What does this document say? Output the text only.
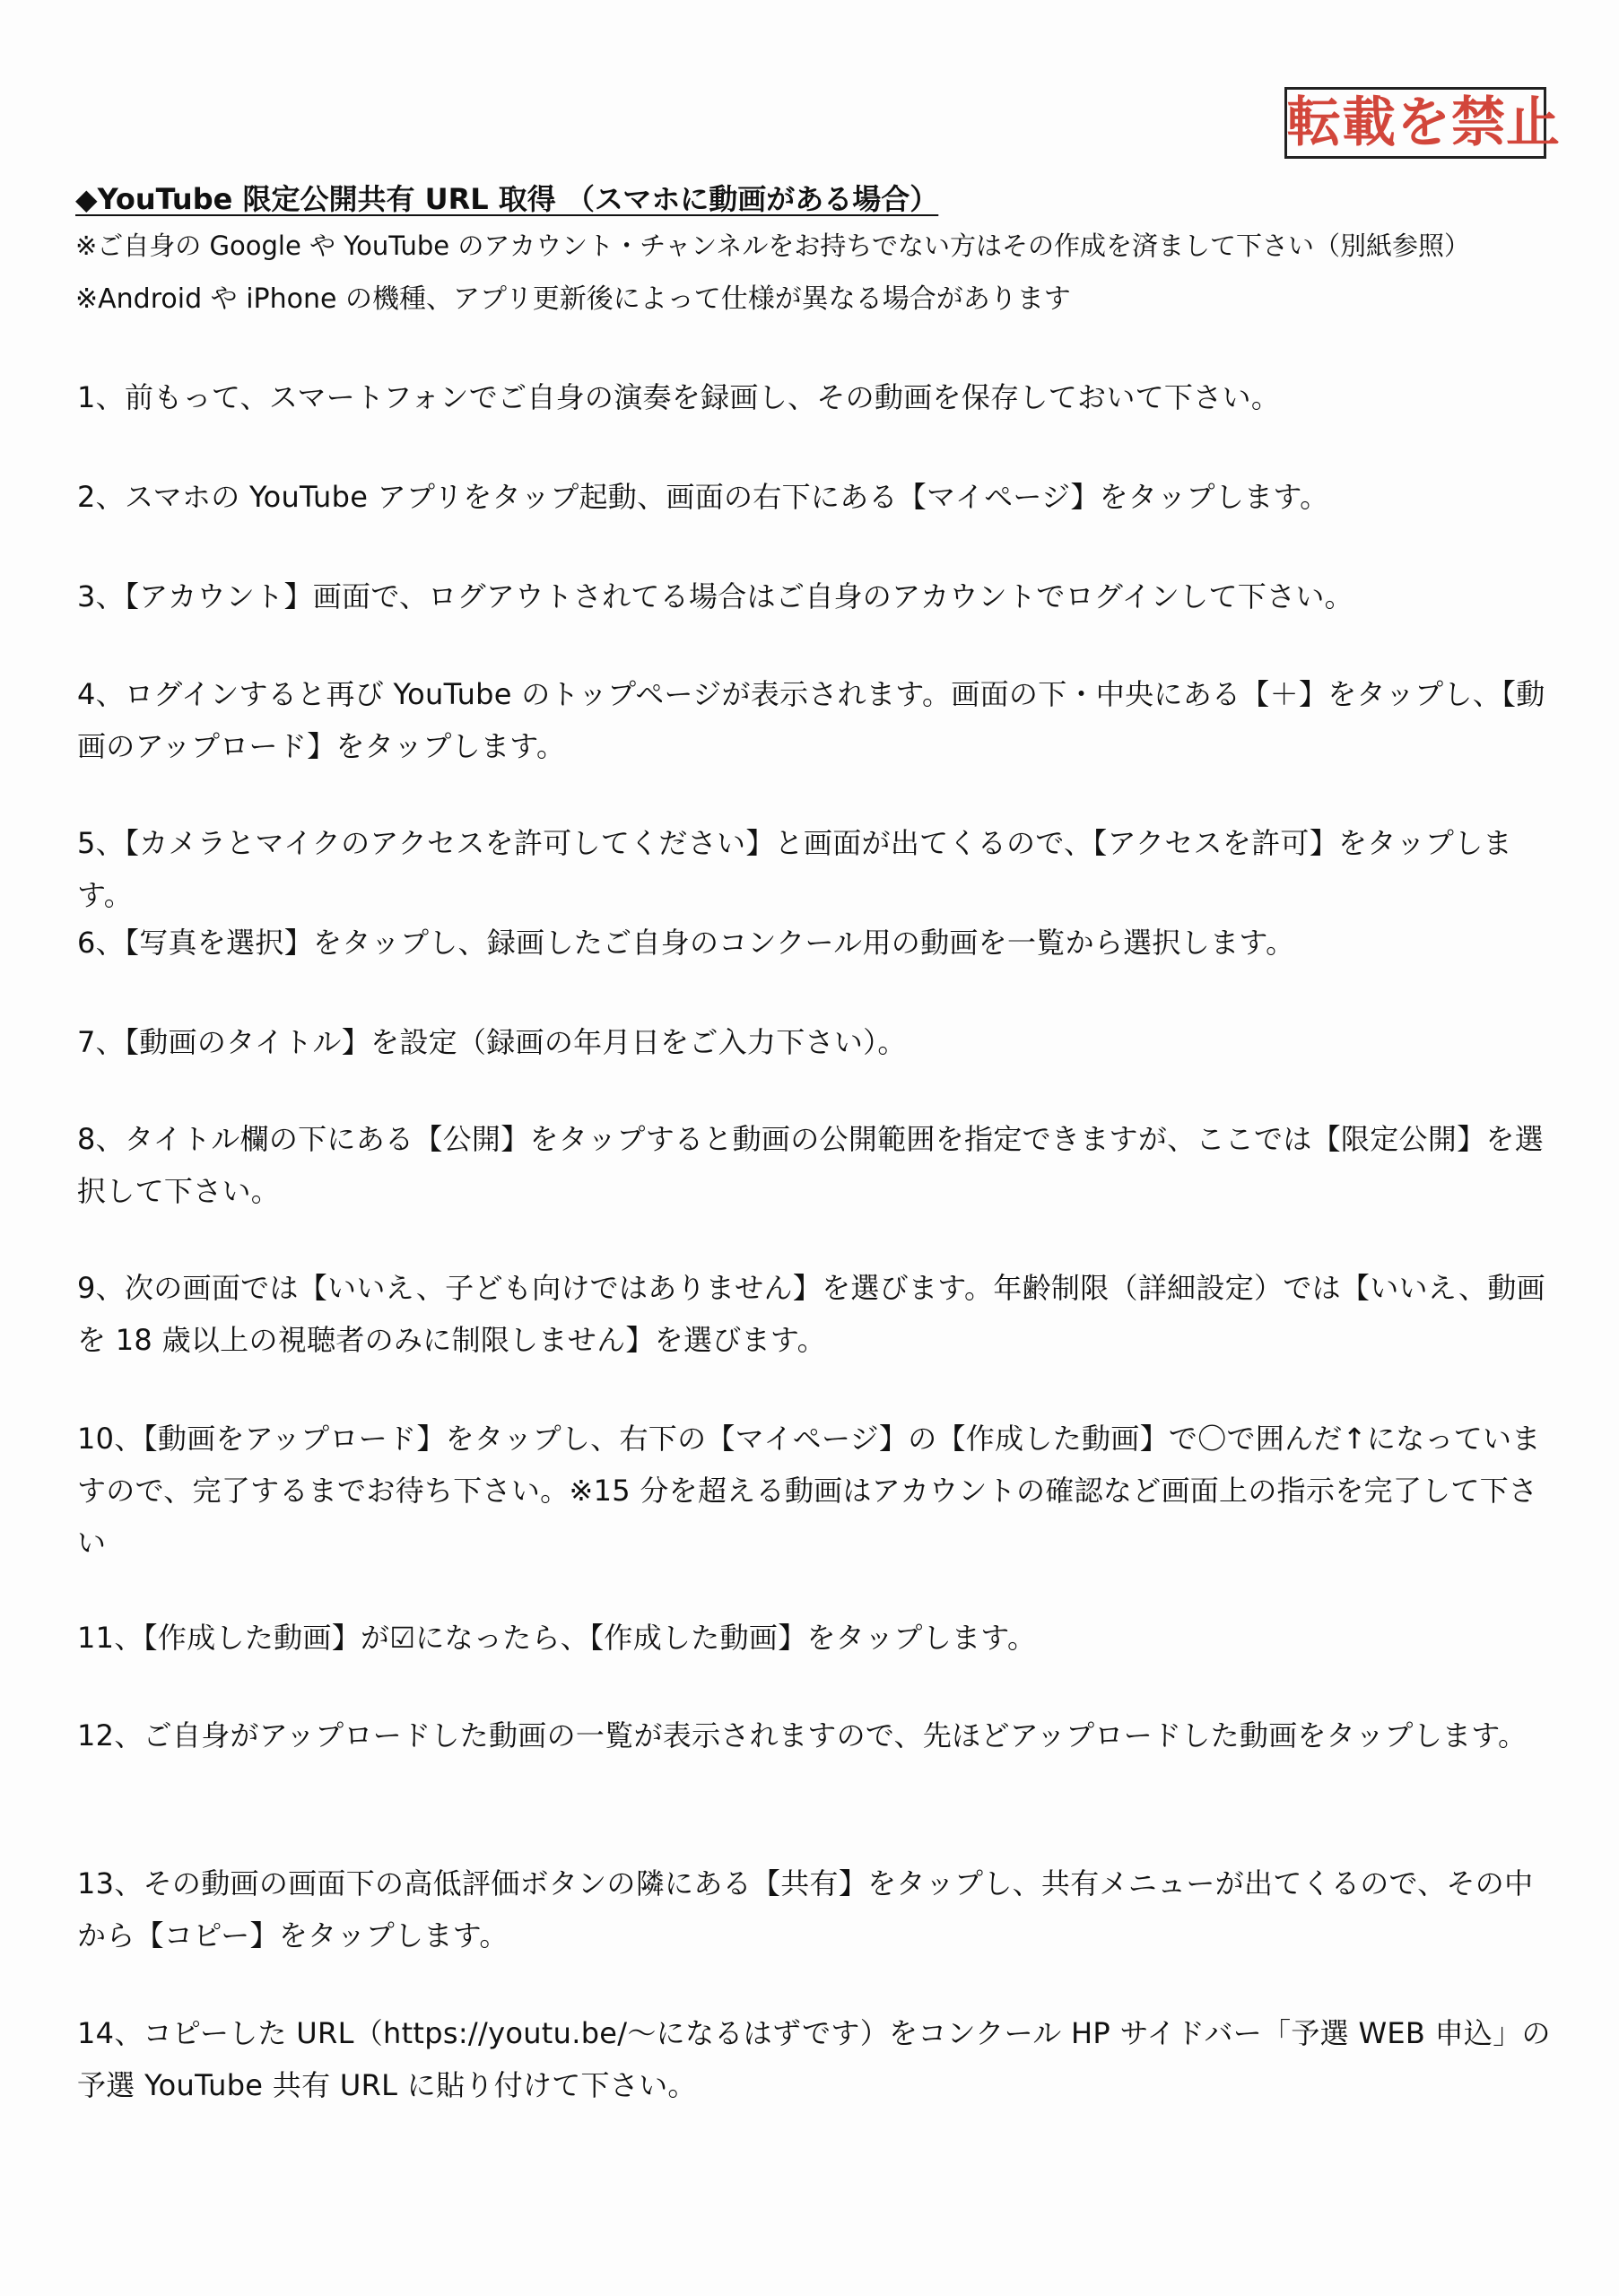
転載を禁止
◆YouTube 限定公開共有 URL 取得 （スマホに動画がある場合）
※ご自身の Google や YouTube のアカウント・チャンネルをお持ちでない方はその作成を済まして下さい（別紙参照）
※Android や iPhone の機種、アプリ更新後によって仕様が異なる場合があります
1、前もって、スマートフォンでご自身の演奏を録画し、その動画を保存しておいて下さい。
2、スマホの YouTube アプリをタップ起動、画面の右下にある【マイページ】をタップします。
3、【アカウント】画面で、ログアウトされてる場合はご自身のアカウントでログインして下さい。
4、ログインすると再び YouTube のトップページが表示されます。画面の下・中央にある【＋】をタップし、【動画のアップロード】をタップします。
5、【カメラとマイクのアクセスを許可してください】と画面が出てくるので、【アクセスを許可】をタップします。
6、【写真を選択】をタップし、録画したご自身のコンクール用の動画を一覧から選択します。
7、【動画のタイトル】を設定（録画の年月日をご入力下さい）。
8、タイトル欄の下にある【公開】をタップすると動画の公開範囲を指定できますが、ここでは【限定公開】を選択して下さい。
9、次の画面では【いいえ、子ども向けではありません】を選びます。年齢制限（詳細設定）では【いいえ、動画を 18 歳以上の視聴者のみに制限しません】を選びます。
10、【動画をアップロード】をタップし、右下の【マイページ】の【作成した動画】で〇で囲んだ↑になっていますので、完了するまでお待ち下さい。※15 分を超える動画はアカウントの確認など画面上の指示を完了して下さい
11、【作成した動画】が☑になったら、【作成した動画】をタップします。
12、ご自身がアップロードした動画の一覧が表示されますので、先ほどアップロードした動画をタップします。
13、その動画の画面下の高低評価ボタンの隣にある【共有】をタップし、共有メニューが出てくるので、その中から【コピー】をタップします。
14、コピーした URL（https://youtu.be/～になるはずです）をコンクール HP サイドバー「予選 WEB 申込」の予選 YouTube 共有 URL に貼り付けて下さい。
